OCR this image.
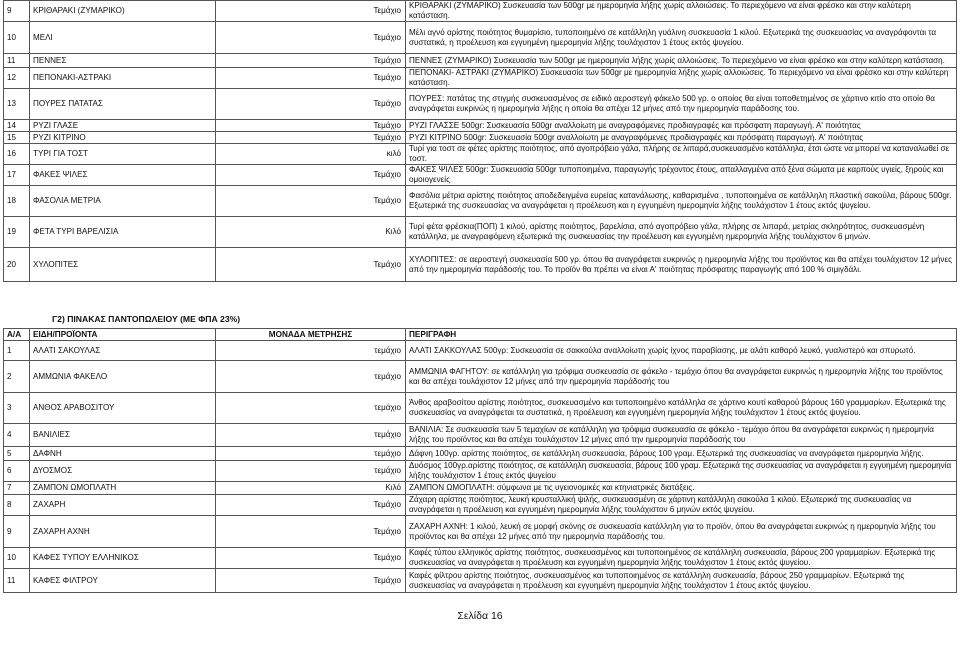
9	ΚΡΙΘΑΡΑΚΙ (ΖΥΜΑΡΙΚΟ)	Τεμάχιο	ΚΡΙΘΑΡΑΚΙ (ΖΥΜΑΡΙΚΟ) Συσκευασία των 500gr με ημερομηνία λήξης χωρίς αλλοιώσεις. Το περιεχόμενο να είναι φρέσκο και στην καλύτερη κατάσταση.
10	ΜΕΛΙ	Τεμάχιο	Μέλι αγνό αρίστης ποιότητος θυμαρίσιο, τυποποιημένο σε κατάλληλη γυάλινη συσκευασία 1 κιλού. Εξωτερικά της συσκευασίας να αναγράφονται τα συστατικά, η προέλευση και εγγυημένη ημερομηνία λήξης τουλάχιστον 1 έτους εκτός ψυγείου.
11	ΠΕΝΝΕΣ	Τεμάχιο	ΠΕΝΝΕΣ (ΖΥΜΑΡΙΚΟ) Συσκευασία των 500gr με ημερομηνία λήξης χωρίς αλλοιώσεις. Το περιεχόμενο να είναι φρέσκο και στην καλύτερη κατάσταση.
12	ΠΕΠΟΝΑΚΙ-ΑΣΤΡΑΚΙ	Τεμάχιο	ΠΕΠΟΝΑΚΙ- ΑΣΤΡΑΚΙ (ΖΥΜΑΡΙΚΟ) Συσκευασία των 500gr με ημερομηνία λήξης χωρίς αλλοιώσεις. Το περιεχόμενο να είναι φρέσκο και στην καλύτερη κατάσταση.
13	ΠΟΥΡΕΣ ΠΑΤΑΤΑΣ	Τεμάχιο	ΠΟΥΡΕΣ: πατάτας της στιγμής συσκευασμένος σε ειδικό αεροστεγή φάκελο 500 γρ. ο οποίος θα είναι τοποθετημένος σε χάρτινο κιτίο στο οποίο θα αναγράφεται ευκρινώς η ημερομηνία λήξης η οποία θα απέχει 12 μήνες από την ημερομηνία παράδοσης του.
14	ΡΥΖΙ ΓΛΑΣΕ	Τεμάχιο	ΡΥΖΙ ΓΛΑΣΣΕ 500gr: Συσκευασία 500gr αναλλοίωτη με αναγραφόμενες προδιαγραφές και πρόσφατη παραγωγή. Α' ποιότητας
15	ΡΥΖΙ ΚΙΤΡΙΝΟ	Τεμάχιο	ΡΥΖΙ ΚΙΤΡΙΝΟ 500gr: Συσκευασία 500gr αναλλοίωτη με αναγραφόμενες προδιαγραφές και πρόσφατη παραγωγή. Α' ποιότητας
16	ΤΥΡΙ ΓΙΑ ΤΟΣΤ	κιλό	Τυρί για τοστ σε φέτες αρίστης ποιότητος, από αγοπρόβειο γάλα, πλήρης σε λιπαρά,συσκευασμένο κατάλληλα, έτσι ώστε να μπορεί να καταναλωθεί σε τοστ.
17	ΦΑΚΕΣ ΨΙΛΕΣ	Τεμάχιο	ΦΑΚΕΣ ΨΙΛΕΣ 500gr: Συσκευασία 500gr τυποποιημένα, παραγωγής τρέχοντος έτους, απαλλαγμένα από ξένα σώματα με καρπούς υγιείς, ξηρούς και ομοιογενείς
18	ΦΑΣΟΛΙΑ ΜΕΤΡΙΑ	Τεμάχιο	Φασόλια μέτρια αρίστης ποιότητος αποδεδειγμένα ευρείας κατανάλωσης, καθαρισμένα , τυποποιημένα σε κατάλληλη πλαστική σακούλα, βάρους 500gr. Εξωτερικά της συσκευασίας να αναγράφεται η προέλευση και η εγγυημένη ημερομηνία λήξης τουλάχιστον 1 έτους εκτός ψυγείου.
19	ΦΕΤΑ ΤΥΡΙ ΒΑΡΕΛΙΣΙΑ	Κιλό	Τυρί φέτα φρέσκια(ΠΟΠ) 1 κιλού, αρίστης ποιότητος, βαρελίσια, από αγοπρόβειο γάλα, πλήρης σε λιπαρά, μετρίας σκληρότητος, συσκευασμένη κατάλληλα, με αναγραφόμενη εξωτερικά της συσκευασίας την προέλευση και εγγυημένη ημερομηνία λήξης τουλάχιστον 6 μηνών.
20	ΧΥΛΟΠΙΤΕΣ	Τεμάχιο	ΧΥΛΟΠΙΤΕΣ: σε αεροστεγή συσκευασία 500 γρ. όπου θα αναγράφεται ευκρινώς η ημερομηνία λήξης του προϊόντος και θα απέχει τουλάχιστον 12 μήνες από την ημερομηνία παράδοσής του. Το προϊόν θα πρέπει να είναι Α' ποιότητας πρόσφατης παραγωγής από 100 % σιμιγδάλι.
Γ2) ΠΙΝΑΚΑΣ ΠΑΝΤΟΠΩΛΕΙΟΥ (ΜΕ ΦΠΑ 23%)
Α/Α	ΕΙΔΗ/ΠΡΟΪΟΝΤΑ	ΜΟΝΑΔΑ ΜΕΤΡΗΣΗΣ	ΠΕΡΙΓΡΑΦΗ
1	ΑΛΑΤΙ ΣΑΚΟΥΛΑΣ	τεμάχιο	ΑΛΑΤΙ ΣΑΚΚΟΥΛΑΣ 500γρ: Συσκευασία σε σακκούλα αναλλοίωτη χωρίς ίχνος παραβίασης, με αλάτι καθαρό λευκό, γυαλιστερό και σπυρωτό.
2	ΑΜΜΩΝΙΑ ΦΑΚΕΛΟ	τεμάχιο	ΑΜΜΩΝΙΑ ΦΑΓΗΤΟΥ: σε κατάλληλη για τρόφιμα συσκευασία σε φάκελο - τεμάχιο όπου θα αναγράφεται ευκρινώς η ημερομηνία λήξης του προϊόντος και θα απέχει τουλάχιστον 12 μήνες από την ημερομηνία παράδοσής του
3	ΑΝΘΟΣ ΑΡΑΒΟΣΙΤΟΥ	τεμάχιο	Άνθος αραβοσίτου αρίστης ποιότητος, συσκευασμένο και τυποποιημένο κατάλληλα σε χάρτινο κουτί καθαρού βάρους 160 γραμμαρίων. Εξωτερικά της συσκευασίας να αναγράφεται τα συστατικά, η προέλευση και εγγυημένη ημερομηνία λήξης τουλάχιστον 1 έτους εκτός ψυγείου.
4	ΒΑΝΙΛΙΕΣ	τεμάχιο	ΒΑΝΙΛΙΑ: Σε συσκευασία των 5 τεμαχίων σε κατάλληλη για τρόφιμα συσκευασία σε φάκελο - τεμάχιο όπου θα αναγράφεται ευκρινώς η ημερομηνία λήξης του προϊόντος και θα απέχει τουλάχιστον 12 μήνες από την ημερομηνία παράδοσής του
5	ΔΑΦΝΗ	τεμάχιο	Δάφνη 100γρ. αρίστης ποιότητος, σε κατάλληλη συσκευασία, βάρους 100 γραμ. Εξωτερικά της συσκευασίας να αναγράφεται ημερομηνία λήξης.
6	ΔΥΟΣΜΟΣ	τεμάχιο	Δυόσμος 100γρ.αρίστης ποιότητος, σε κατάλληλη συσκευασία, βάρους 100 γραμ. Εξωτερικά της συσκευασίας να αναγράφεται η εγγυημένη ημερομηνία λήξης τουλάχιστον 1 έτους εκτός ψυγείου
7	ΖΑΜΠΟΝ ΩΜΟΠΛΑΤΗ	Κιλό	ΖΑΜΠΟΝ ΩΜΟΠΛΑΤΗ: σύμφωνα με τις υγειονομικές και κτηνιατρικές διατάξεις.
8	ΖΑΧΑΡΗ	Τεμάχιο	Ζάχαρη αρίστης ποιότητος, λευκή κρυσταλλική ψιλής, συσκευασμένη σε χάρτινη κατάλληλη σακούλα 1 κιλού. Εξωτερικά της συσκευασίας να αναγράφεται η προέλευση και εγγυημένη ημερομηνία λήξης τουλάχιστον 6 μηνών εκτός ψυγείου.
9	ΖΑΧΑΡΗ ΑΧΝΗ	Τεμάχιο	ΖΑΧΑΡΗ ΑΧΝΗ: 1 κιλού, λευκή σε μορφή σκόνης σε συσκευασία κατάλληλη για το προϊόν, όπου θα αναγράφεται ευκρινώς η ημερομηνία λήξης του προϊόντος και θα απέχει 12 μήνες από την ημερομηνία παράδοσής του.
10	ΚΑΦΕΣ ΤΥΠΟΥ ΕΛΛΗΝΙΚΟΣ	Τεμάχιο	Καφές τύπου ελληνικός αρίστης ποιότητος, συσκευασμένος και τυποποιημένος σε κατάλληλη συσκευασία, βάρους 200 γραμμαρίων. Εξωτερικά της συσκευασίας να αναγράφεται η προέλευση και εγγυημένη ημερομηνία λήξης τουλάχιστον 1 έτους εκτός ψυγείου.
11	ΚΑΦΕΣ ΦΙΛΤΡΟΥ	Τεμάχιο	Καφές φίλτρου αρίστης ποιότητος, συσκευασμένος και τυποποιημένος σε κατάλληλη συσκευασία, βάρους 250 γραμμαρίων. Εξωτερικά της συσκευασίας να αναγράφεται η προέλευση και εγγυημένη ημερομηνία λήξης τουλάχιστον 1 έτους εκτός ψυγείου.
Σελίδα 16
